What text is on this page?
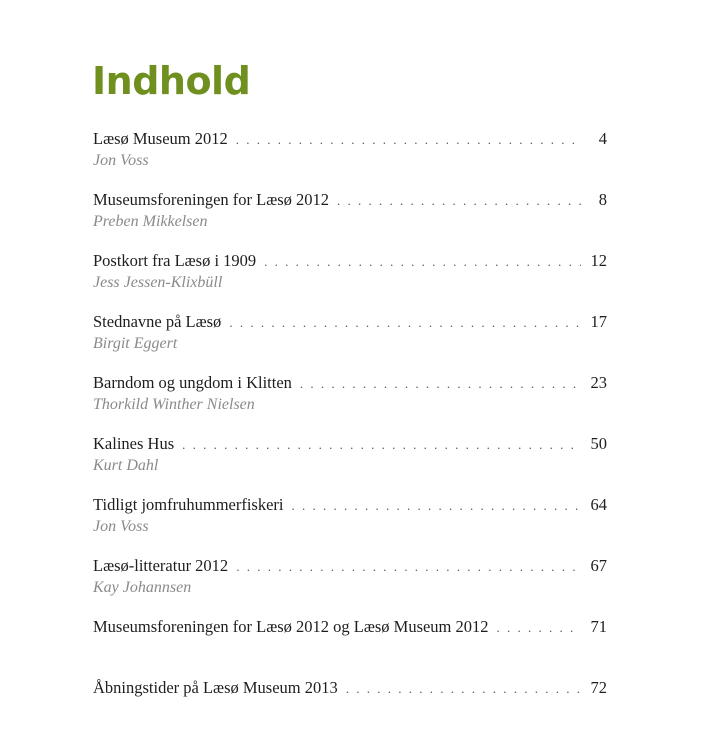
Indhold
Læsø Museum 2012 . . .	4
Jon Voss
Museumsforeningen for Læsø 2012 . . .	8
Preben Mikkelsen
Postkort fra Læsø i 1909 . . .	12
Jess Jessen-Klixbüll
Stednavne på Læsø . . .	17
Birgit Eggert
Barndom og ungdom i Klitten . . .	23
Thorkild Winther Nielsen
Kalines Hus . . .	50
Kurt Dahl
Tidligt jomfruhummerfiskeri . . .	64
Jon Voss
Læsø-litteratur 2012 . . .	67
Kay Johannsen
Museumsforeningen for Læsø 2012 og Læsø Museum 2012 . . .	71
Åbningstider på Læsø Museum 2013 . . .	72
